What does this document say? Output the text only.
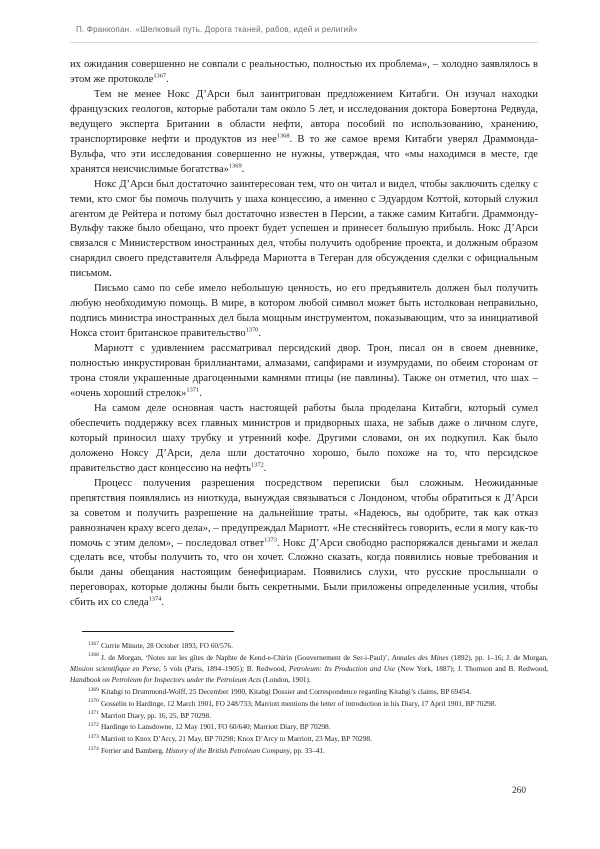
П. Франкопан. «Шелковый путь. Дорога тканей, рабов, идей и религий»

их ожидания совершенно не совпали с реальностью, полностью их проблема», – холодно заявлялось в этом же протоколе$^{1367}$.

Тем не менее Нокс Д’Арси был заинтригован предложением Китабги. Он изучал находки французских геологов, которые работали там около 5 лет, и исследования доктора Бовертона Редвуда, ведущего эксперта Британии в области нефти, автора пособий по использованию, хранению, транспортировке нефти и продуктов из нее$^{1368}$. В то же самое время Китабги уверял Драммонда-Вульфа, что эти исследования совершенно не нужны, утверждая, что «мы находимся в месте, где хранятся неисчислимые богатства»$^{1369}$.

Нокс Д’Арси был достаточно заинтересован тем, что он читал и видел, чтобы заключить сделку с теми, кто смог бы помочь получить у шаха концессию, а именно с Эдуардом Коттой, который служил агентом де Рейтера и потому был достаточно известен в Персии, а также самим Китабги. Драммонду-Вульфу также было обещано, что проект будет успешен и принесет большую прибыль. Нокс Д’Арси связался с Министерством иностранных дел, чтобы получить одобрение проекта, и должным образом снарядил своего представителя Альфреда Мариотта в Тегеран для обсуждения сделки с официальным письмом.

Письмо само по себе имело небольшую ценность, но его предъявитель должен был получить любую необходимую помощь. В мире, в котором любой символ может быть истолкован неправильно, подпись министра иностранных дел была мощным инструментом, показывающим, что за инициативой Нокса стоит британское правительство$^{1370}$.

Мариотт с удивлением рассматривал персидский двор. Трон, писал он в своем дневнике, полностью инкрустирован бриллиантами, алмазами, сапфирами и изумрудами, по обеим сторонам от трона стояли украшенные драгоценными камнями птицы (не павлины). Также он отметил, что шах – «очень хороший стрелок»$^{1371}$.

На самом деле основная часть настоящей работы была проделана Китабги, который сумел обеспечить поддержку всех главных министров и придворных шаха, не забыв даже о личном слуге, который приносил шаху трубку и утренний кофе. Другими словами, он их подкупил. Как было доложено Ноксу Д’Арси, дела шли достаточно хорошо, было похоже на то, что персидское правительство даст концессию на нефть$^{1372}$.

Процесс получения разрешения посредством переписки был сложным. Неожиданные препятствия появлялись из ниоткуда, вынуждая связываться с Лондоном, чтобы обратиться к Д’Арси за советом и получить разрешение на дальнейшие траты. «Надеюсь, вы одобрите, так как отказ равнозначен краху всего дела», – предупреждал Мариотт. «Не стесняйтесь говорить, если я могу как-то помочь с этим делом», – последовал ответ$^{1373}$. Нокс Д’Арси свободно распоряжался деньгами и желал сделать все, чтобы получить то, что он хочет. Сложно сказать, когда появились новые требования и были даны обещания настоящим бенефициарам. Появились слухи, что русские прослышали о переговорах, которые должны были быть секретными. Были приложены определенные усилия, чтобы сбить их со следа$^{1374}$.

$^{1367}$ Currie Minute, 28 October 1893, FO 60/576.

$^{1368}$ J. de Morgan, ‘Notes sur les gîtes de Naphte de Kend-e-Chirin (Gouvernement de Ser-i-Paul)’, Annales des Mines (1892), pp. 1–16; J. de Morgan, Mission scientifique en Perse, 5 vols (Paris, 1894–1905); B. Redwood, Petroleum: Its Production and Use (New York, 1887); J. Thomson and B. Redwood, Handbook on Petroleum for Inspectors under the Petroleum Acts (London, 1901).

$^{1369}$ Kitabgi to Drummond-Wolff, 25 December 1900, Kitabgi Dossier and Correspondence regarding Kitabgi’s claims, BP 69454.

$^{1370}$ Gosselin to Hardinge, 12 March 1901, FO 248/733; Marriott mentions the letter of introduction in his Diary, 17 April 1901, BP 70298.

$^{1371}$ Marriott Diary, pp. 16, 25, BP 70298.

$^{1372}$ Hardinge to Lansdowne, 12 May 1901, FO 60/640; Marriott Diary, BP 70298.

$^{1373}$ Marriott to Knox D’Arcy, 21 May, BP 70298; Knox D’Arcy to Marriott, 23 May, BP 70298.

$^{1374}$ Ferrier and Bamberg, History of the British Petroleum Company, pp. 33–41.

260
